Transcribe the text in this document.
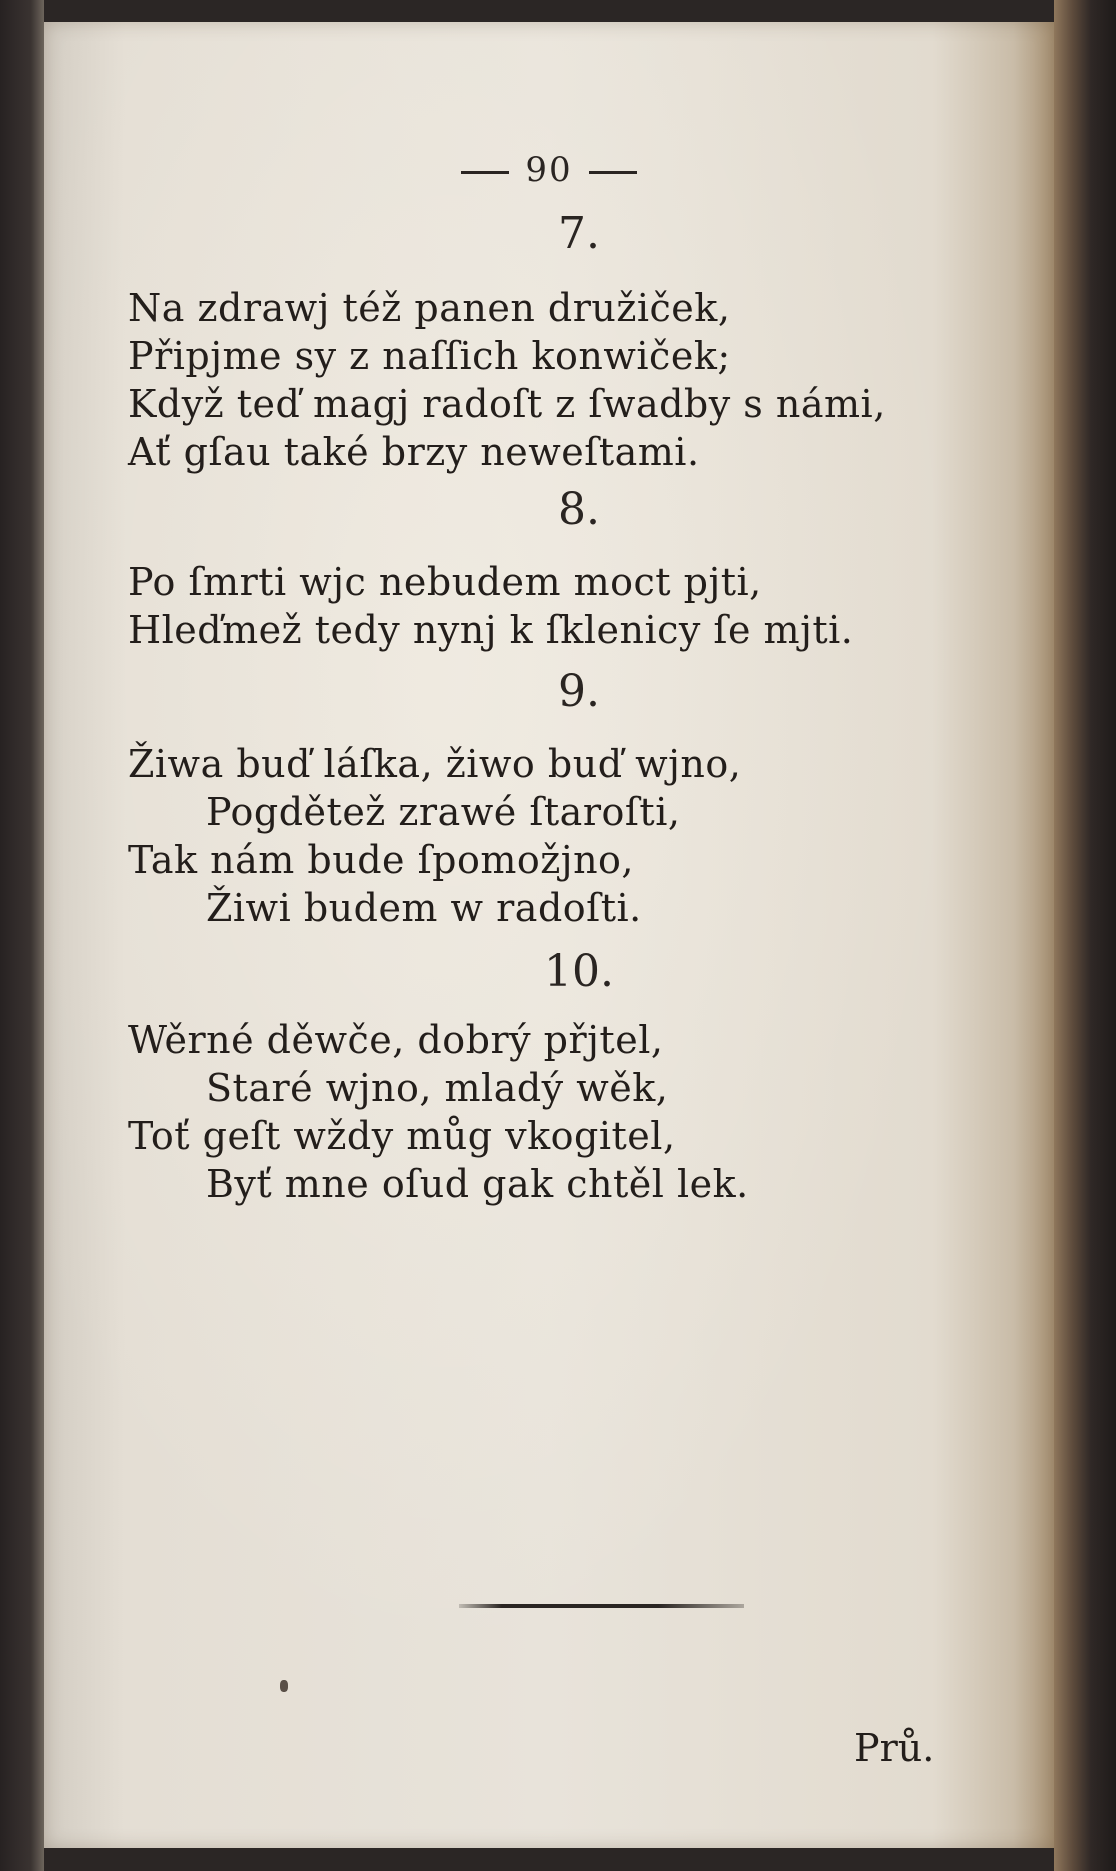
90
7.
Na zdrawj též panen družiček,
Připjme sy z naſſich konwiček;
Když teď magj radoſt z ſwadby s námi,
Ať gſau také brzy neweſtami.
8.
Po ſmrti wjc nebudem moct pjti,
Hleďmež tedy nynj k ſklenicy ſe mjti.
9.
Žiwa buď láſka, žiwo buď wjno,
Pogdětež zrawé ſtaroſti,
Tak nám bude ſpomožjno,
Žiwi budem w radoſti.
10.
Wěrné děwče, dobrý přjtel,
Staré wjno, mladý wěk,
Toť geſt wždy můg vkogitel,
Byť mne oſud gak chtěl lek.
Prů.
